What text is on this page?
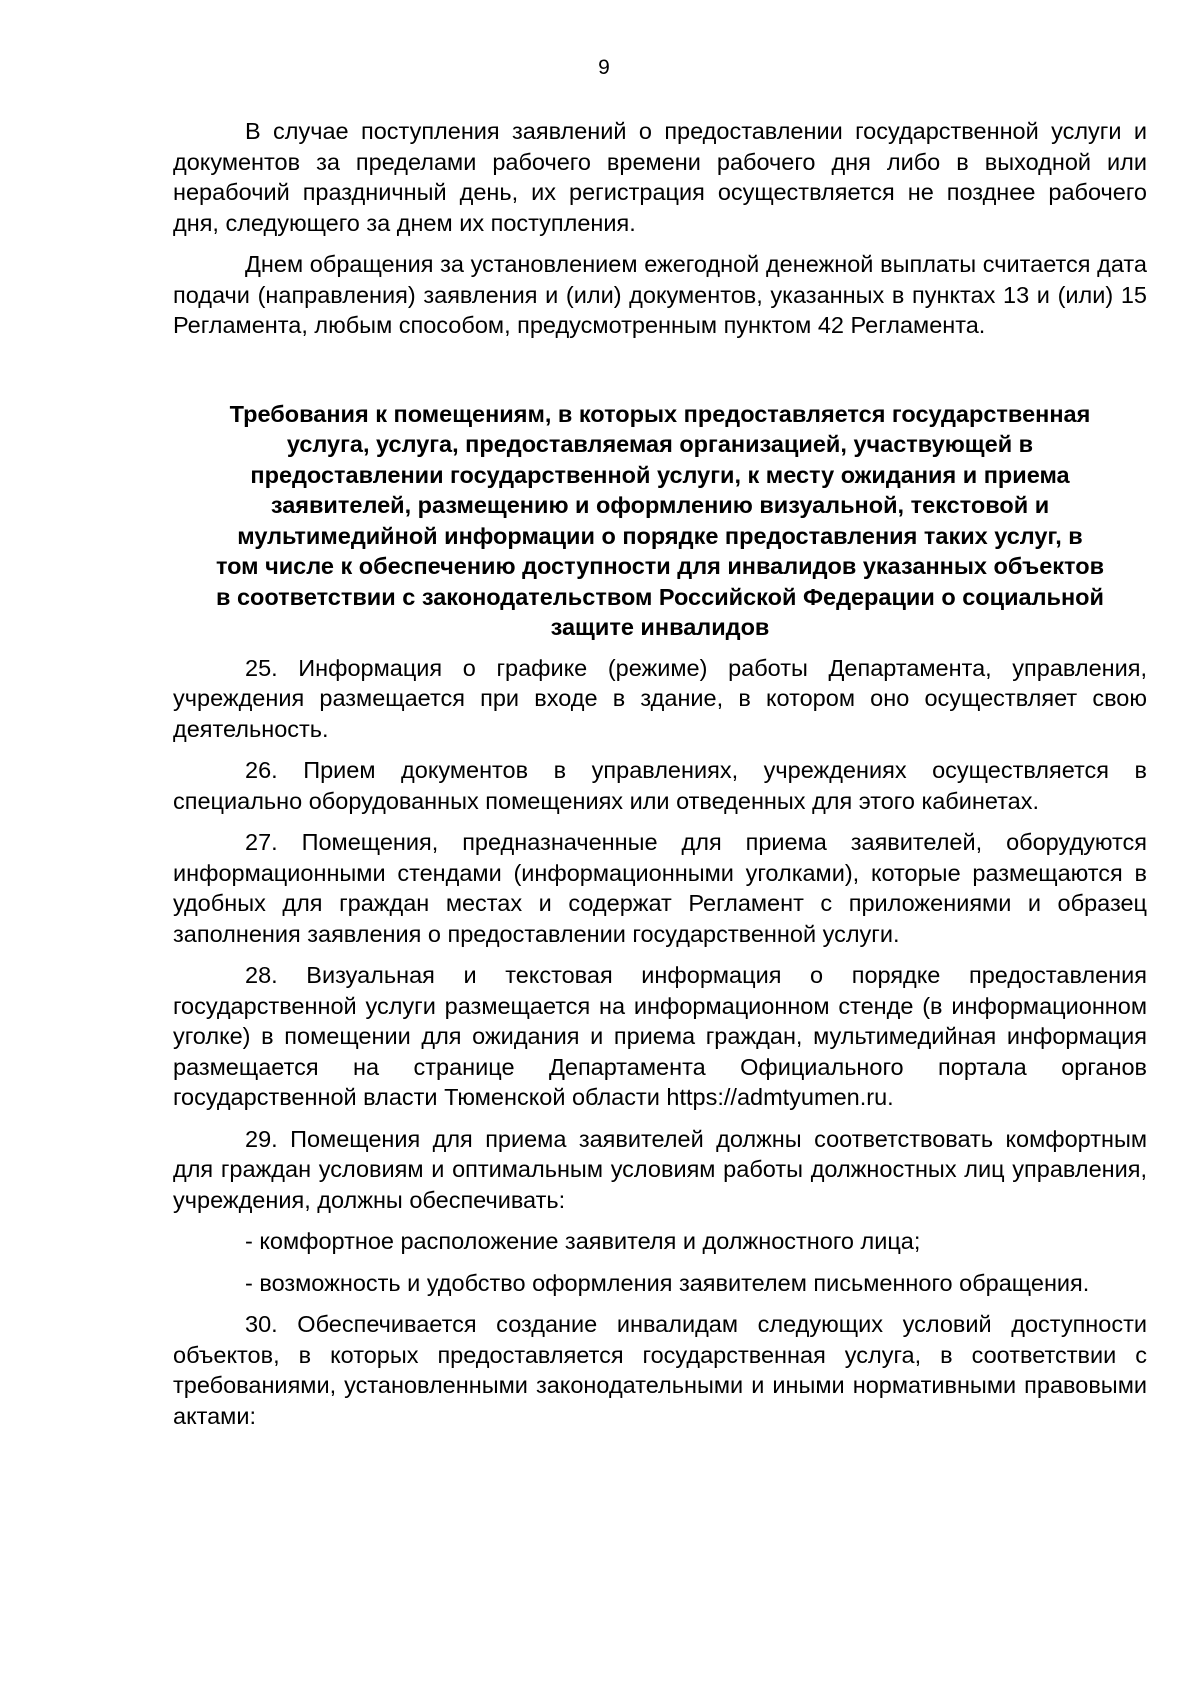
9

В случае поступления заявлений о предоставлении государственной услуги и документов за пределами рабочего времени рабочего дня либо в выходной или нерабочий праздничный день, их регистрация осуществляется не позднее рабочего дня, следующего за днем их поступления.

Днем обращения за установлением ежегодной денежной выплаты считается дата подачи (направления) заявления и (или) документов, указанных в пунктах 13 и (или) 15 Регламента, любым способом, предусмотренным пунктом 42 Регламента.

Требования к помещениям, в которых предоставляется государственная услуга, услуга, предоставляемая организацией, участвующей в предоставлении государственной услуги, к месту ожидания и приема заявителей, размещению и оформлению визуальной, текстовой и мультимедийной информации о порядке предоставления таких услуг, в том числе к обеспечению доступности для инвалидов указанных объектов в соответствии с законодательством Российской Федерации о социальной защите инвалидов

25. Информация о графике (режиме) работы Департамента, управления, учреждения размещается при входе в здание, в котором оно осуществляет свою деятельность.

26. Прием документов в управлениях, учреждениях осуществляется в специально оборудованных помещениях или отведенных для этого кабинетах.

27. Помещения, предназначенные для приема заявителей, оборудуются информационными стендами (информационными уголками), которые размещаются в удобных для граждан местах и содержат Регламент с приложениями и образец заполнения заявления о предоставлении государственной услуги.

28. Визуальная и текстовая информация о порядке предоставления государственной услуги размещается на информационном стенде (в информационном уголке) в помещении для ожидания и приема граждан, мультимедийная информация размещается на странице Департамента Официального портала органов государственной власти Тюменской области https://admtyumen.ru.

29. Помещения для приема заявителей должны соответствовать комфортным для граждан условиям и оптимальным условиям работы должностных лиц управления, учреждения, должны обеспечивать:

- комфортное расположение заявителя и должностного лица;

- возможность и удобство оформления заявителем письменного обращения.

30. Обеспечивается создание инвалидам следующих условий доступности объектов, в которых предоставляется государственная услуга, в соответствии с требованиями, установленными законодательными и иными нормативными правовыми актами:
